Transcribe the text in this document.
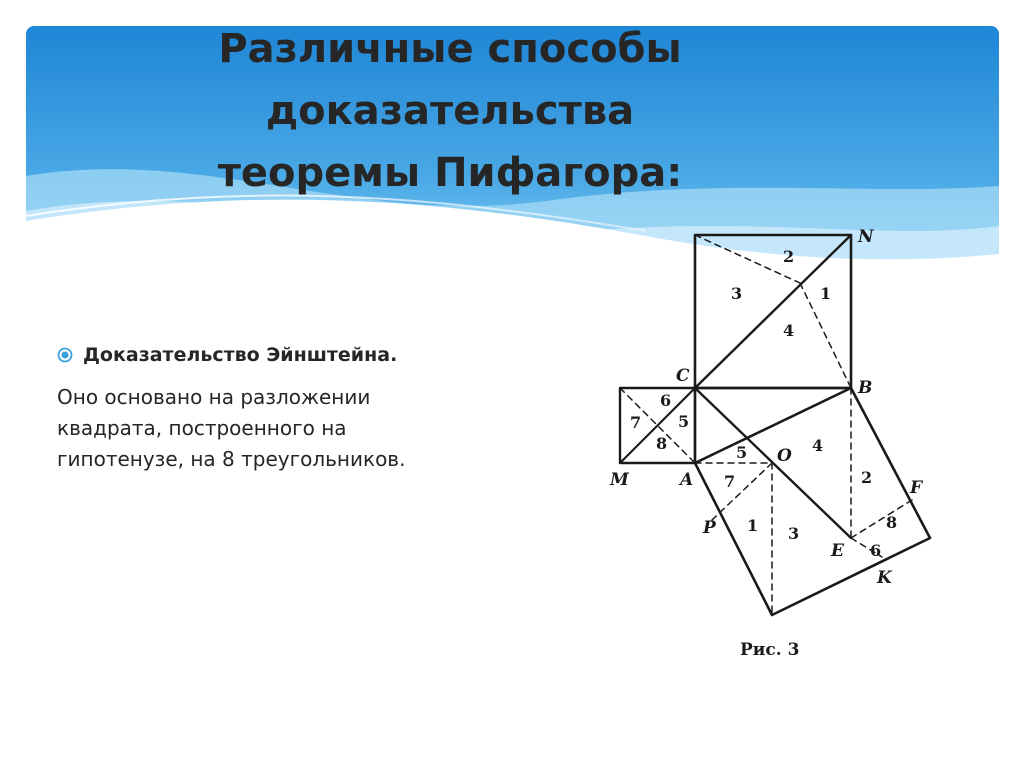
Различные способы
доказательства
теоремы Пифагора:
Доказательство Эйнштейна.
Оно основано на разложении
квадрата, построенного на
гипотенузе, на 8 треугольников.
N
C
B
M	A
O
P
F
E
K
2
3	1
4
6
7 5
8	5	4
7
1 3
2
8
6
Рис. 3
